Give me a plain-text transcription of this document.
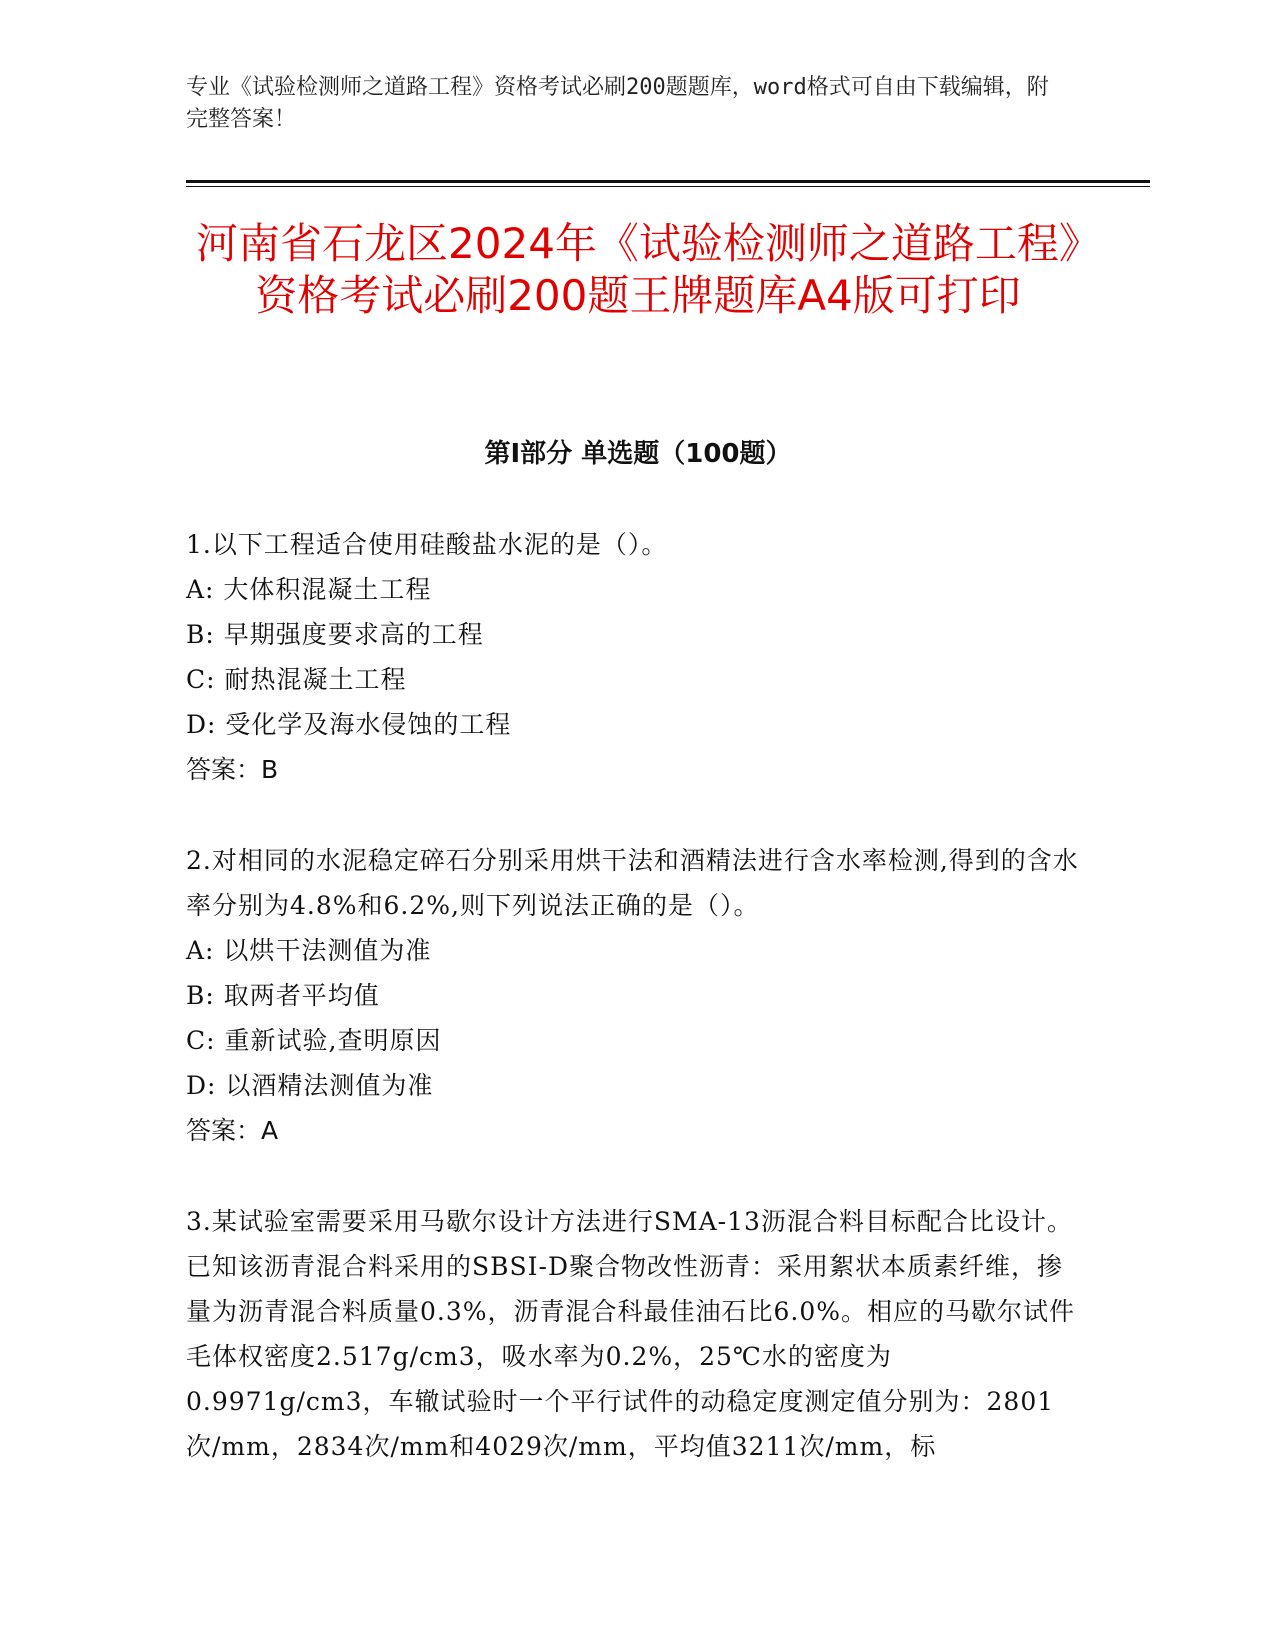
专业《试验检测师之道路工程》资格考试必刷200题题库，word格式可自由下载编辑，附完整答案！
河南省石龙区2024年《试验检测师之道路工程》资格考试必刷200题王牌题库A4版可打印
第Ⅰ部分 单选题（100题）
1.以下工程适合使用硅酸盐水泥的是（）。
A: 大体积混凝土工程
B: 早期强度要求高的工程
C: 耐热混凝土工程
D: 受化学及海水侵蚀的工程
答案：B
2.对相同的水泥稳定碎石分别采用烘干法和酒精法进行含水率检测,得到的含水率分别为4.8%和6.2%,则下列说法正确的是（）。
A: 以烘干法测值为准
B: 取两者平均值
C: 重新试验,查明原因
D: 以酒精法测值为准
答案：A
3.某试验室需要采用马歇尔设计方法进行SMA-13沥混合料目标配合比设计。已知该沥青混合料采用的SBSI-D聚合物改性沥青：采用絮状本质素纤维，掺量为沥青混合料质量0.3%，沥青混合科最佳油石比6.0%。相应的马歇尔试件毛体权密度2.517g/cm3，吸水率为0.2%，25℃水的密度为0.9971g/cm3，车辙试验时一个平行试件的动稳定度测定值分别为：2801次/mm，2834次/mm和4029次/mm，平均值3211次/mm，标
